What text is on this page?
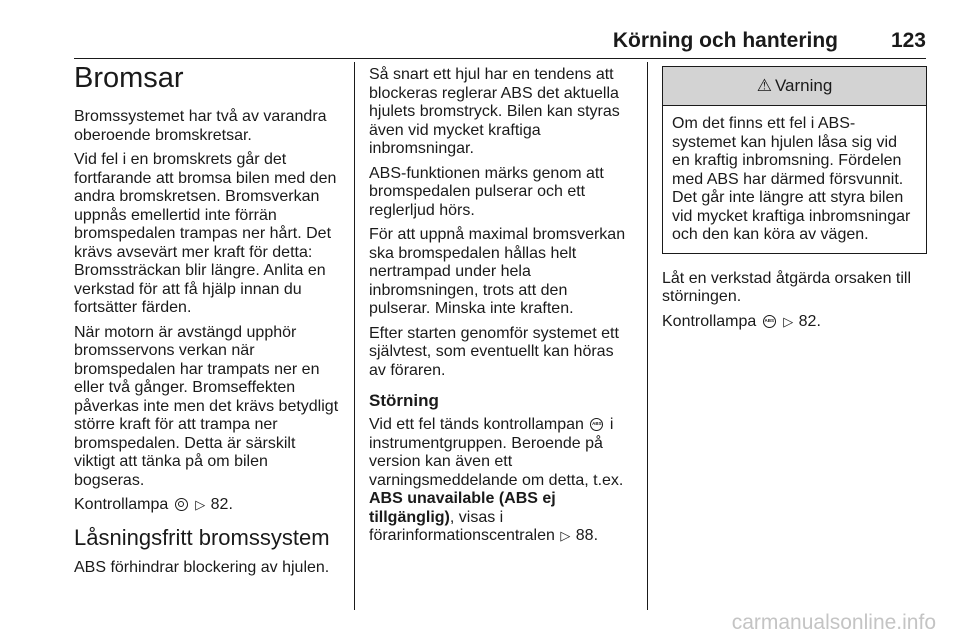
Körning och hantering	123
Bromsar

Bromssystemet har två av varandra oberoende bromskretsar.

Vid fel i en bromskrets går det fortfarande att bromsa bilen med den andra bromskretsen. Bromsverkan uppnås emellertid inte förrän bromspedalen trampas ner hårt. Det krävs avsevärt mer kraft för detta: Bromssträckan blir längre. Anlita en verkstad för att få hjälp innan du fortsätter färden.

När motorn är avstängd upphör bromsservons verkan när bromspedalen har trampats ner en eller två gånger. Bromseffekten påverkas inte men det krävs betydligt större kraft för att trampa ner bromspedalen. Detta är särskilt viktigt att tänka på om bilen bogseras.

Kontrollampa ▷ 82.

Låsningsfritt bromssystem

ABS förhindrar blockering av hjulen.

Så snart ett hjul har en tendens att blockeras reglerar ABS det aktuella hjulets bromstryck. Bilen kan styras även vid mycket kraftiga inbromsningar.

ABS-funktionen märks genom att bromspedalen pulserar och ett reglerljud hörs.

För att uppnå maximal bromsverkan ska bromspedalen hållas helt nertrampad under hela inbromsningen, trots att den pulserar. Minska inte kraften.

Efter starten genomför systemet ett självtest, som eventuellt kan höras av föraren.

Störning

Vid ett fel tänds kontrollampan ABS i instrumentgruppen. Beroende på version kan även ett varningsmeddelande om detta, t.ex. ABS unavailable (ABS ej tillgänglig), visas i förarinformationscentralen ▷ 88.

⚠ Varning
Om det finns ett fel i ABS-systemet kan hjulen låsa sig vid en kraftig inbromsning. Fördelen med ABS har därmed försvunnit. Det går inte längre att styra bilen vid mycket kraftiga inbromsningar och den kan köra av vägen.

Låt en verkstad åtgärda orsaken till störningen.

Kontrollampa ABS ▷ 82.

carmanualsonline.info
